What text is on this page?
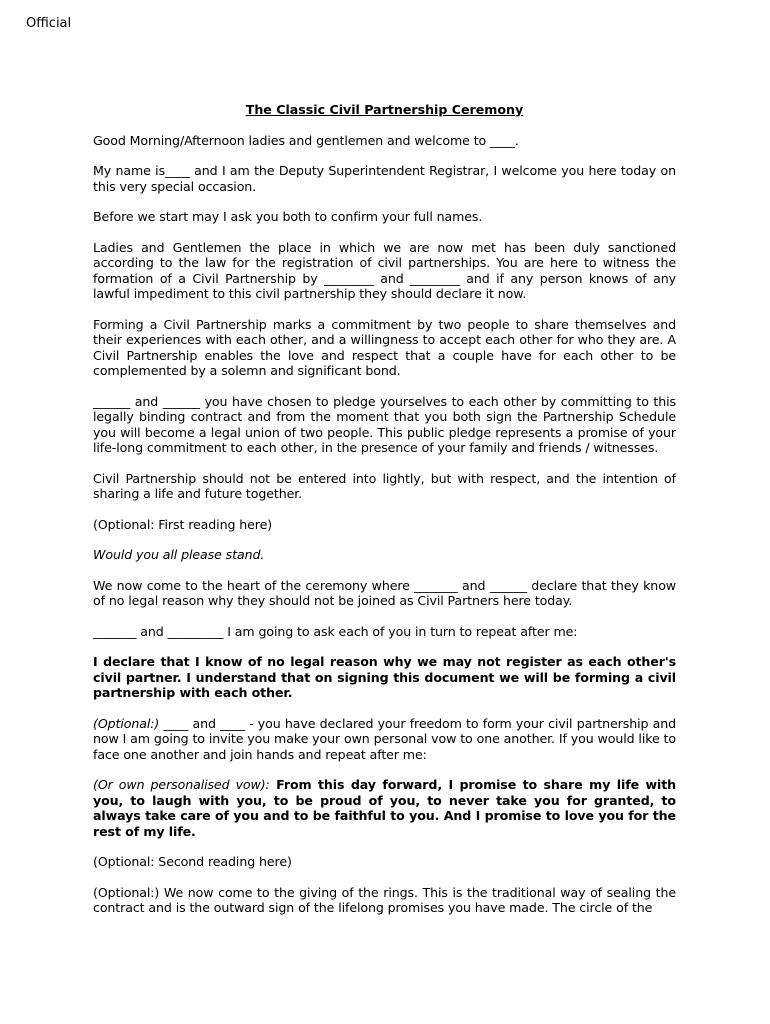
Official
The Classic Civil Partnership Ceremony

Good Morning/Afternoon ladies and gentlemen and welcome to ____.

My name is____ and I am the Deputy Superintendent Registrar, I welcome you here today on this very special occasion.

Before we start may I ask you both to confirm your full names.

Ladies and Gentlemen the place in which we are now met has been duly sanctioned according to the law for the registration of civil partnerships. You are here to witness the formation of a Civil Partnership by ________ and ________ and if any person knows of any lawful impediment to this civil partnership they should declare it now.

Forming a Civil Partnership marks a commitment by two people to share themselves and their experiences with each other, and a willingness to accept each other for who they are. A Civil Partnership enables the love and respect that a couple have for each other to be complemented by a solemn and significant bond.

______ and ______ you have chosen to pledge yourselves to each other by committing to this legally binding contract and from the moment that you both sign the Partnership Schedule you will become a legal union of two people. This public pledge represents a promise of your life-long commitment to each other, in the presence of your family and friends / witnesses.

Civil Partnership should not be entered into lightly, but with respect, and the intention of sharing a life and future together.

(Optional: First reading here)

Would you all please stand.

We now come to the heart of the ceremony where _______ and ______ declare that they know of no legal reason why they should not be joined as Civil Partners here today.

_______ and _________ I am going to ask each of you in turn to repeat after me:

I declare that I know of no legal reason why we may not register as each other's civil partner. I understand that on signing this document we will be forming a civil partnership with each other.

(Optional:) ____ and ____ - you have declared your freedom to form your civil partnership and now I am going to invite you make your own personal vow to one another. If you would like to face one another and join hands and repeat after me:

(Or own personalised vow): From this day forward, I promise to share my life with you, to laugh with you, to be proud of you, to never take you for granted, to always take care of you and to be faithful to you. And I promise to love you for the rest of my life.

(Optional: Second reading here)

(Optional:) We now come to the giving of the rings. This is the traditional way of sealing the contract and is the outward sign of the lifelong promises you have made. The circle of the
